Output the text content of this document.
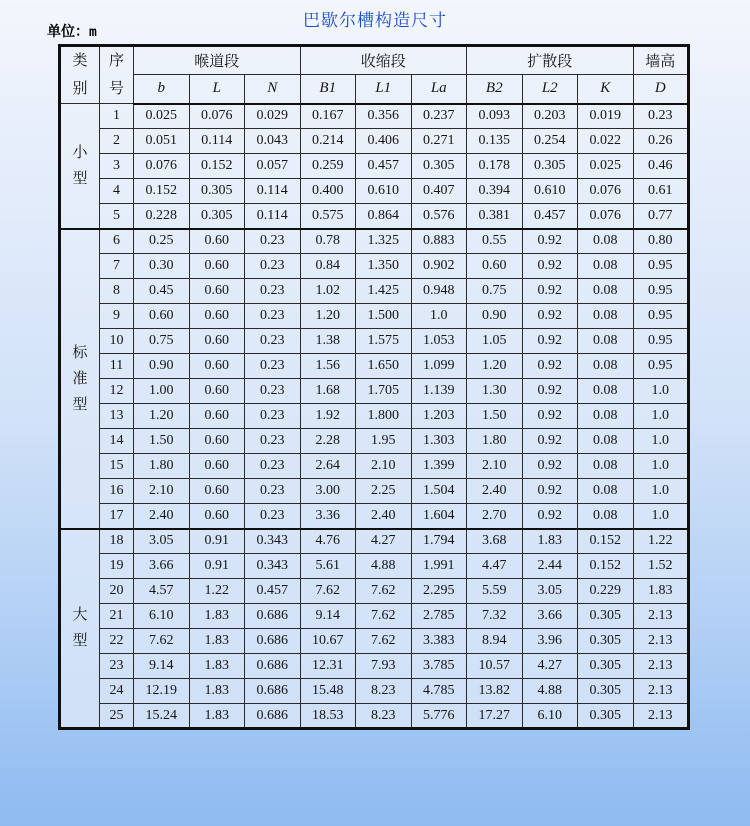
巴歇尔槽构造尺寸
单位：m
类别	序号	喉道段			收缩段			扩散段			墙高
		b	L	N	B1	L1	La	B2	L2	K	D
小型	1	0.025	0.076	0.029	0.167	0.356	0.237	0.093	0.203	0.019	0.23
	2	0.051	0.114	0.043	0.214	0.406	0.271	0.135	0.254	0.022	0.26
	3	0.076	0.152	0.057	0.259	0.457	0.305	0.178	0.305	0.025	0.46
	4	0.152	0.305	0.114	0.400	0.610	0.407	0.394	0.610	0.076	0.61
	5	0.228	0.305	0.114	0.575	0.864	0.576	0.381	0.457	0.076	0.77
标准型	6	0.25	0.60	0.23	0.78	1.325	0.883	0.55	0.92	0.08	0.80
	7	0.30	0.60	0.23	0.84	1.350	0.902	0.60	0.92	0.08	0.95
	8	0.45	0.60	0.23	1.02	1.425	0.948	0.75	0.92	0.08	0.95
	9	0.60	0.60	0.23	1.20	1.500	1.0	0.90	0.92	0.08	0.95
	10	0.75	0.60	0.23	1.38	1.575	1.053	1.05	0.92	0.08	0.95
	11	0.90	0.60	0.23	1.56	1.650	1.099	1.20	0.92	0.08	0.95
	12	1.00	0.60	0.23	1.68	1.705	1.139	1.30	0.92	0.08	1.0
	13	1.20	0.60	0.23	1.92	1.800	1.203	1.50	0.92	0.08	1.0
	14	1.50	0.60	0.23	2.28	1.95	1.303	1.80	0.92	0.08	1.0
	15	1.80	0.60	0.23	2.64	2.10	1.399	2.10	0.92	0.08	1.0
	16	2.10	0.60	0.23	3.00	2.25	1.504	2.40	0.92	0.08	1.0
	17	2.40	0.60	0.23	3.36	2.40	1.604	2.70	0.92	0.08	1.0
大型	18	3.05	0.91	0.343	4.76	4.27	1.794	3.68	1.83	0.152	1.22
	19	3.66	0.91	0.343	5.61	4.88	1.991	4.47	2.44	0.152	1.52
	20	4.57	1.22	0.457	7.62	7.62	2.295	5.59	3.05	0.229	1.83
	21	6.10	1.83	0.686	9.14	7.62	2.785	7.32	3.66	0.305	2.13
	22	7.62	1.83	0.686	10.67	7.62	3.383	8.94	3.96	0.305	2.13
	23	9.14	1.83	0.686	12.31	7.93	3.785	10.57	4.27	0.305	2.13
	24	12.19	1.83	0.686	15.48	8.23	4.785	13.82	4.88	0.305	2.13
	25	15.24	1.83	0.686	18.53	8.23	5.776	17.27	6.10	0.305	2.13
